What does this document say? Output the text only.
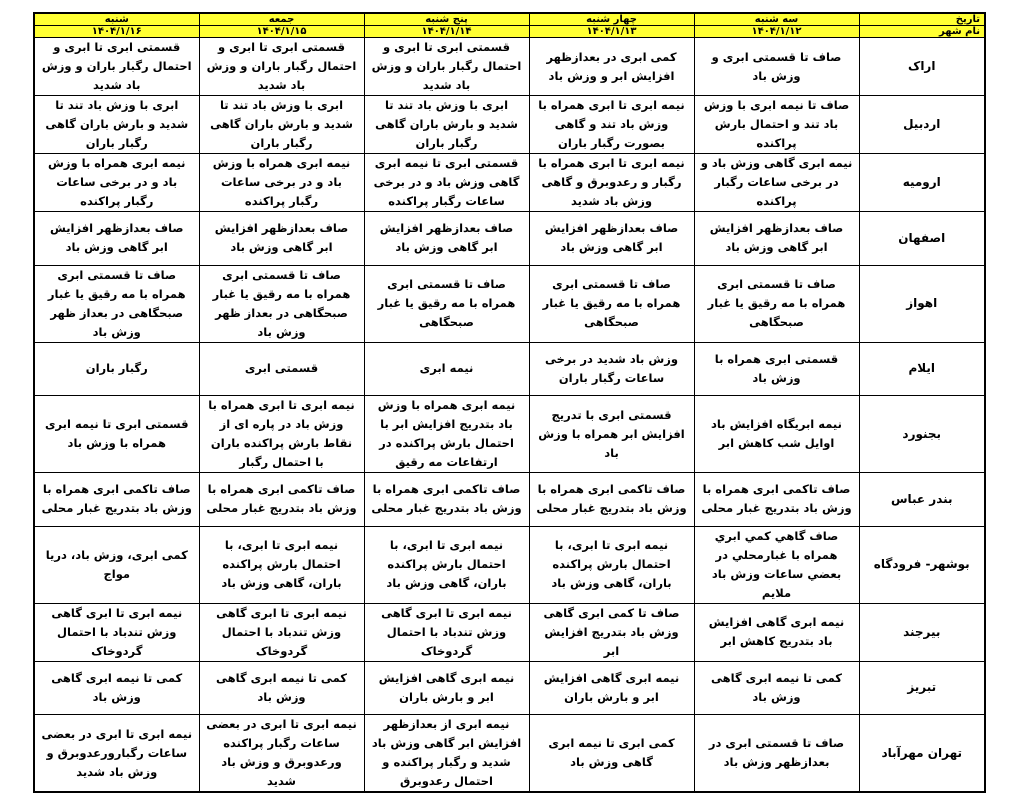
تاریخ	سه شنبه	چهار شنبه	پنج شنبه	جمعه	شنبه
نام شهر	۱۴۰۴/۱/۱۲	۱۴۰۴/۱/۱۳	۱۴۰۴/۱/۱۴	۱۴۰۴/۱/۱۵	۱۴۰۴/۱/۱۶
اراک	صاف تا قسمتی ابری و وزش باد	کمی ابری در بعدازظهر افزایش ابر و وزش باد	قسمتی ابری تا ابری و احتمال رگبار باران و وزش باد شدید	قسمتی ابری تا ابری و احتمال رگبار باران و وزش باد شدید	قسمتی ابری تا ابری و احتمال رگبار باران و وزش باد شدید
اردبیل	صاف تا نیمه ابری با وزش باد تند و احتمال بارش پراکنده	نیمه ابری تا ابری همراه با وزش باد تند و گاهی بصورت رگبار باران	ابری با وزش باد تند تا شدید و بارش باران گاهی رگبار باران	ابری با وزش باد تند تا شدید و بارش باران گاهی رگبار باران	ابری با وزش باد تند تا شدید و بارش باران گاهی رگبار باران
ارومیه	نیمه ابری گاهی وزش باد و در برخی ساعات رگبار پراکنده	نیمه ابری تا ابری همراه با رگبار و رعدوبرق و گاهی وزش باد شدید	قسمتی ابری تا نیمه ابری گاهی وزش باد و در برخی ساعات رگبار پراکنده	نیمه ابری همراه با وزش باد و در برخی ساعات رگبار پراکنده	نیمه ابری همراه با وزش باد و در برخی ساعات رگبار پراکنده
اصفهان	صاف بعدازظهر افزایش ابر گاهی وزش باد	صاف بعدازظهر افزایش ابر گاهی وزش باد	صاف بعدازظهر افزایش ابر گاهی وزش باد	صاف بعدازظهر افزایش ابر گاهی وزش باد	صاف بعدازظهر افزایش ابر گاهی وزش باد
اهواز	صاف تا قسمتی ابری همراه با مه رقیق یا غبار صبحگاهی	صاف تا قسمتی ابری همراه با مه رقیق یا غبار صبحگاهی	صاف تا قسمتی ابری همراه با مه رقیق یا غبار صبحگاهی	صاف تا قسمتی ابری همراه با مه رقیق یا غبار صبحگاهی در بعداز ظهر وزش باد	صاف تا قسمتی ابری همراه با مه رقیق یا غبار صبحگاهی در بعداز ظهر وزش باد
ایلام	قسمتی ابری همراه با وزش باد	وزش باد شدید در برخی ساعات رگبار باران	نیمه ابری	قسمتی ابری	رگبار باران
بجنورد	نیمه ابریگاه افزایش باد اوایل شب کاهش ابر	قسمتی ابری با تدریج افزایش ابر همراه با وزش باد	نیمه ابری همراه با وزش باد بتدریج افزایش ابر با احتمال بارش پراکنده در ارتفاعات مه رقیق	نیمه ابری تا ابری همراه با وزش باد در پاره ای از نقاط بارش پراکنده باران با احتمال رگبار	قسمتی ابری تا نیمه ابری همراه با وزش باد
بندر عباس	صاف تاکمی ابری همراه با وزش باد بتدریج غبار محلی	صاف تاکمی ابری همراه با وزش باد بتدریج غبار محلی	صاف تاکمی ابری همراه با وزش باد بتدریج غبار محلی	صاف تاکمی ابری همراه با وزش باد بتدریج غبار محلی	صاف تاکمی ابری همراه با وزش باد بتدریج غبار محلی
بوشهر- فرودگاه	صاف گاهي كمي ابري همراه با غبارمحلي در بعضي ساعات وزش باد ملايم	نیمه ابری تا ابری، با احتمال بارش پراکنده باران، گاهی وزش باد	نیمه ابری تا ابری، با احتمال بارش پراکنده باران، گاهی وزش باد	نیمه ابری تا ابری، با احتمال بارش پراکنده باران، گاهی وزش باد	کمی ابری، وزش باد، دریا مواج
بیرجند	نیمه ابری گاهی افزایش باد بتدریج کاهش ابر	صاف تا کمی ابری گاهی وزش باد بتدریج افزایش ابر	نیمه ابری تا ابری گاهی وزش تندباد با احتمال گردوخاک	نیمه ابری تا ابری گاهی وزش تندباد با احتمال گردوخاک	نیمه ابری تا ابری گاهی وزش تندباد با احتمال گردوخاک
تبریز	کمی تا نیمه ابری گاهی وزش باد	نیمه ابری گاهی افزایش ابر و بارش باران	نیمه ابری گاهی افزایش ابر و بارش باران	کمی تا نیمه ابری گاهی وزش باد	کمی تا نیمه ابری گاهی وزش باد
تهران مهرآباد	صاف تا قسمتی ابری در بعدازظهر وزش باد	کمی ابری تا نیمه ابری گاهی وزش باد	نیمه ابری از بعدازظهر افزایش ابر گاهی وزش باد شدید و رگبار پراکنده و احتمال رعدوبرق	نیمه ابری تا ابری در بعضی ساعات رگبار پراکنده ورعدوبرق و وزش باد شدید	نیمه ابری تا ابری در بعضی ساعات رگبارورعدوبرق و وزش باد شدید
